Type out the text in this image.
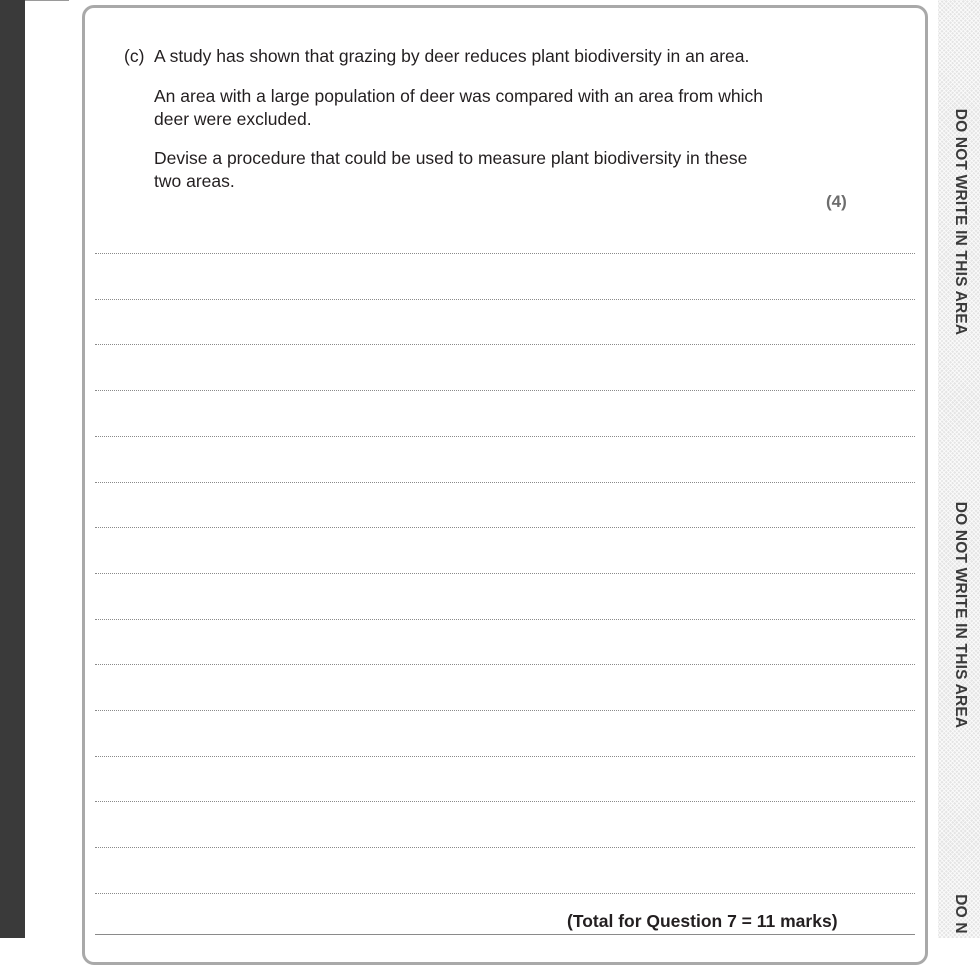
DO NOT WRITE IN THIS AREA
DO NOT WRITE IN THIS AREA
DO N
(c) A study has shown that grazing by deer reduces plant biodiversity in an area.
An area with a large population of deer was compared with an area from which
deer were excluded.
Devise a procedure that could be used to measure plant biodiversity in these
two areas.
(4)
(Total for Question 7 = 11 marks)
